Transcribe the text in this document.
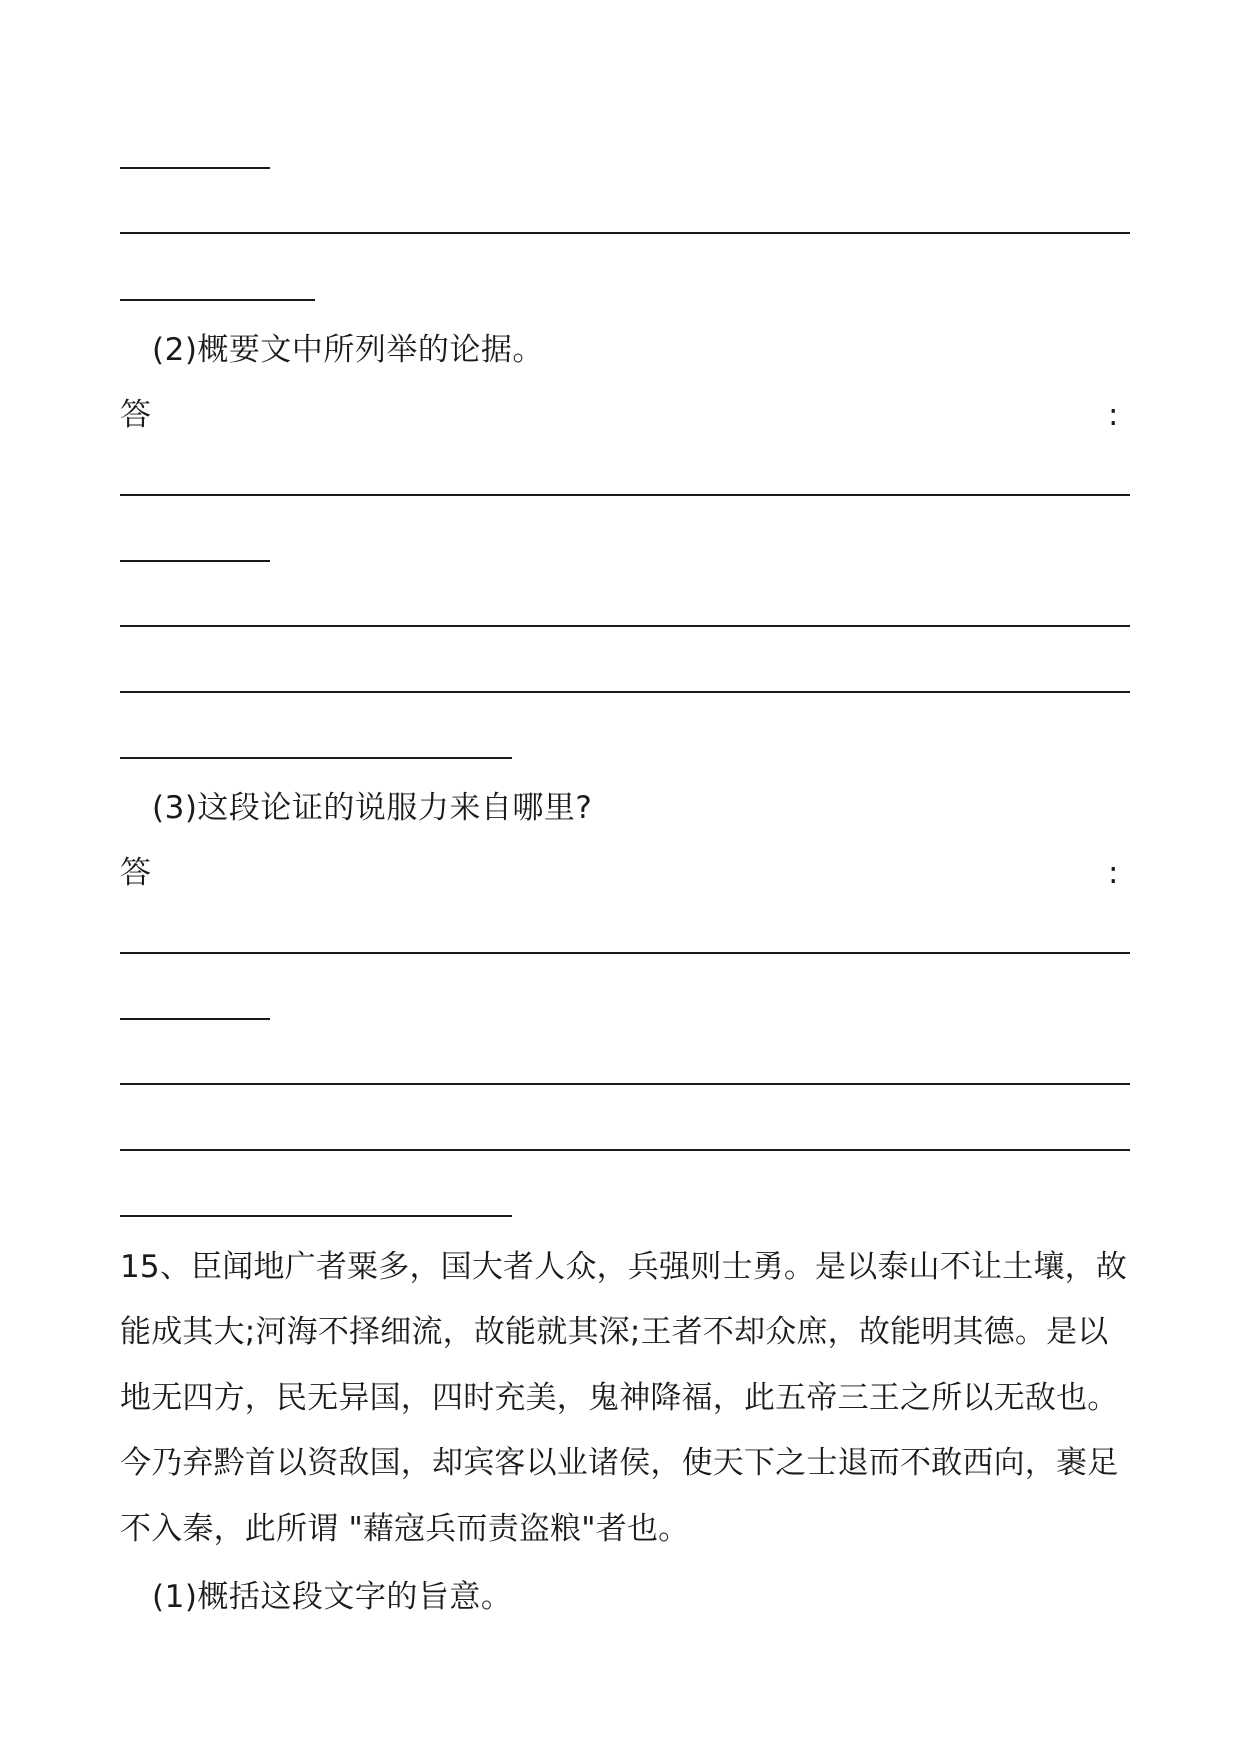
(2)概要文中所列举的论据。
答	:
(3)这段论证的说服力来自哪里?
答	:
15、臣闻地广者粟多，国大者人众，兵强则士勇。是以泰山不让土壤，故能成其大;河海不择细流，故能就其深;王者不却众庶，故能明其德。是以地无四方，民无异国，四时充美，鬼神降福，此五帝三王之所以无敌也。今乃弃黔首以资敌国，却宾客以业诸侯，使天下之士退而不敢西向，裹足不入秦，此所谓 "藉寇兵而责盗粮"者也。
(1)概括这段文字的旨意。
